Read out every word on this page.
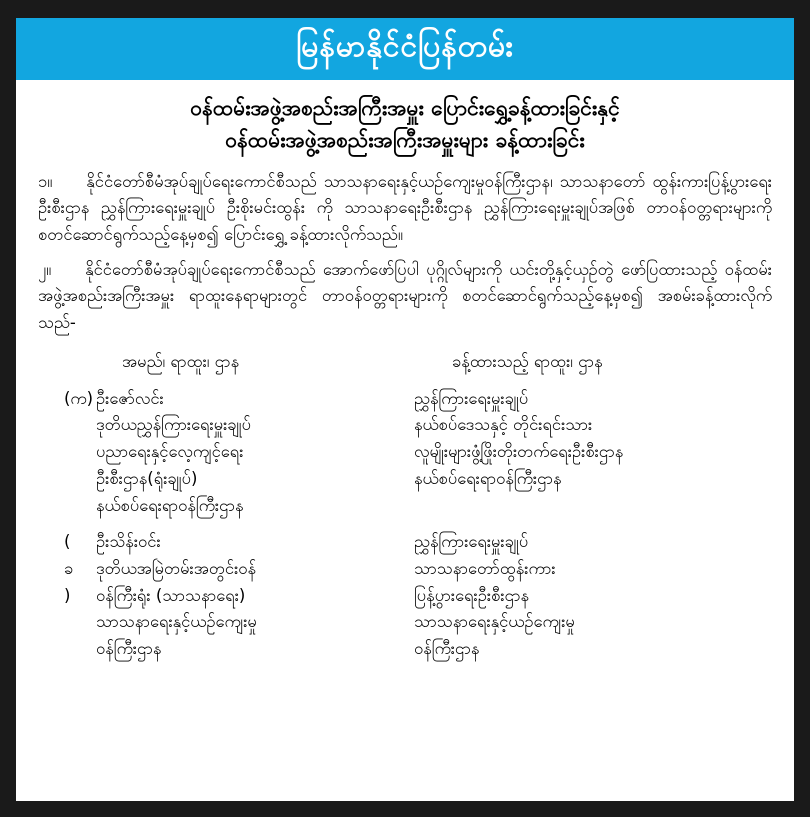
မြန်မာနိုင်ငံပြန်တမ်း
ဝန်ထမ်းအဖွဲ့အစည်းအကြီးအမှူး ပြောင်းရွှေ့ခန့်ထားခြင်းနှင့်
ဝန်ထမ်းအဖွဲ့အစည်းအကြီးအမှူးများ ခန့်ထားခြင်း

၁။ နိုင်ငံတော်စီမံအုပ်ချုပ်ရေးကောင်စီသည် သာသနာရေးနှင့်ယဉ်ကျေးမှုဝန်ကြီးဌာန၊ သာသနာတော် ထွန်းကားပြန့်ပွားရေးဦးစီးဌာန ညွှန်ကြားရေးမှူးချုပ် ဦးစိုးမင်းထွန်း ကို သာသနာရေးဦးစီးဌာန ညွှန်ကြားရေးမှူးချုပ်အဖြစ် တာဝန်ဝတ္တရားများကို စတင်ဆောင်ရွက်သည့်နေ့မှစ၍ ပြောင်းရွှေ့ ခန့်ထားလိုက်သည်။

၂။ နိုင်ငံတော်စီမံအုပ်ချုပ်ရေးကောင်စီသည် အောက်ဖော်ပြပါ ပုဂ္ဂိုလ်များကို ယင်းတို့နှင့်ယှဉ်တွဲ ဖော်ပြထားသည့် ဝန်ထမ်းအဖွဲ့အစည်းအကြီးအမှူး ရာထူးနေရာများတွင် တာဝန်ဝတ္တရားများကို စတင်ဆောင်ရွက်သည့်နေ့မှစ၍ အစမ်းခန့်ထားလိုက်သည်-

အမည်၊ ရာထူး၊ ဌာန	ခန့်ထားသည့် ရာထူး၊ ဌာန
(က) ဦးဇော်လင်း
ဒုတိယညွှန်ကြားရေးမှူးချုပ်
ပညာရေးနှင့်လေ့ကျင့်ရေး
ဦးစီးဌာန(ရုံးချုပ်)
နယ်စပ်ရေးရာဝန်ကြီးဌာန
ညွှန်ကြားရေးမှူးချုပ်
နယ်စပ်ဒေသနှင့် တိုင်းရင်းသား
လူမျိုးများဖွံ့ဖြိုးတိုးတက်ရေးဦးစီးဌာန
နယ်စပ်ရေးရာဝန်ကြီးဌာန
( ခ )
ဦးသိန်းဝင်း
ဒုတိယအမြဲတမ်းအတွင်းဝန်
ဝန်ကြီးရုံး (သာသနာရေး)
သာသနာရေးနှင့်ယဉ်ကျေးမှု
ဝန်ကြီးဌာန
ညွှန်ကြားရေးမှူးချုပ်
သာသနာတော်ထွန်းကား
ပြန့်ပွားရေးဦးစီးဌာန
သာသနာရေးနှင့်ယဉ်ကျေးမှု
ဝန်ကြီးဌာန
